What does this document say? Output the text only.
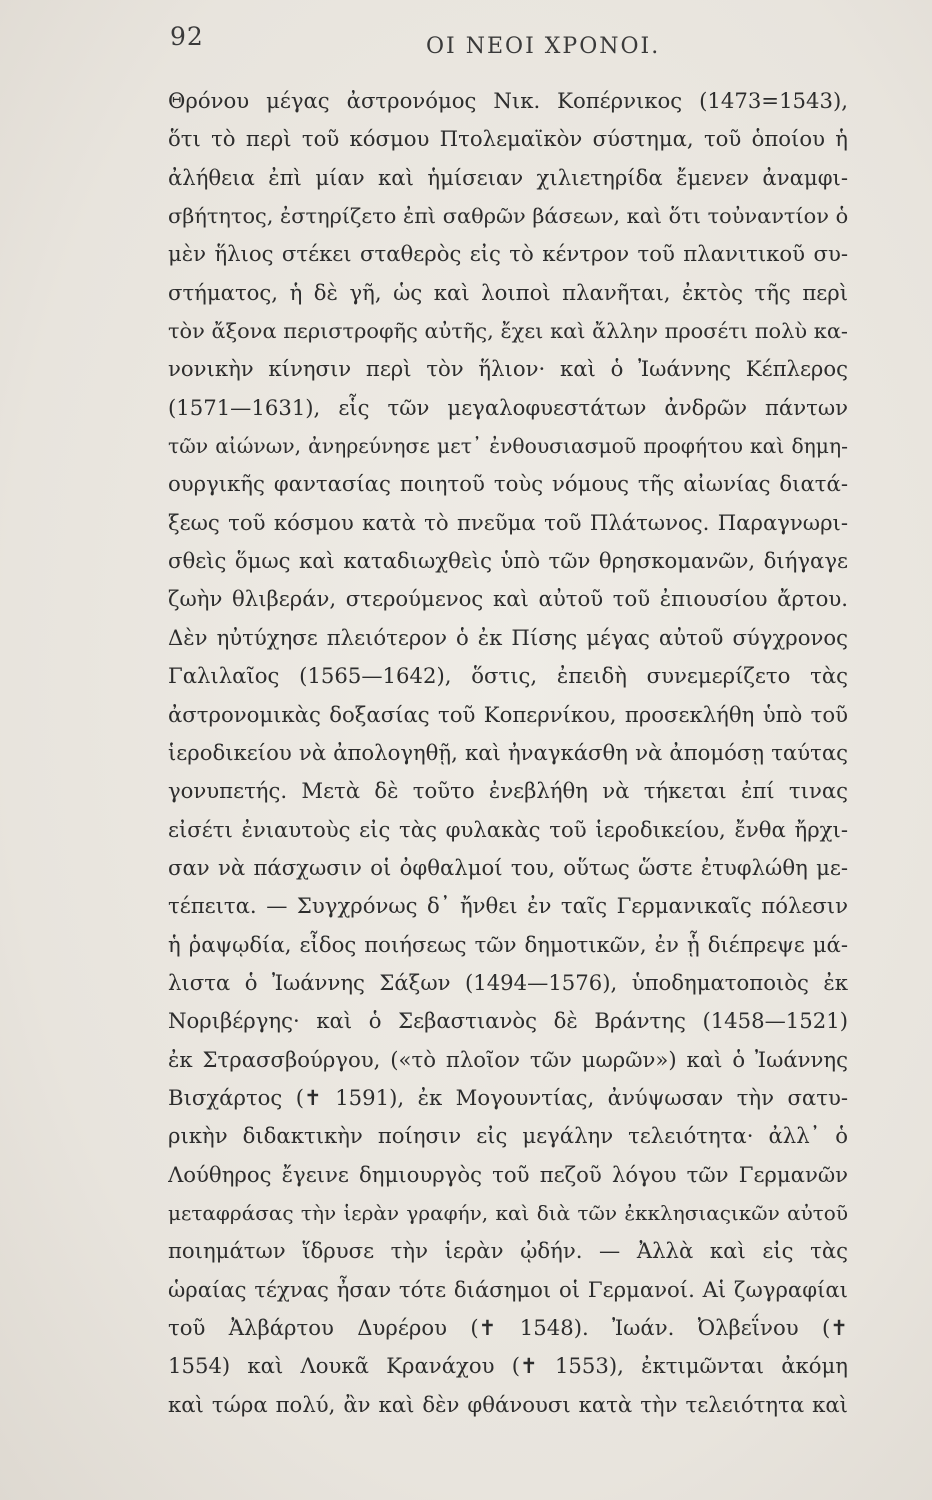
92	ΟΙ ΝΕΟΙ ΧΡΟΝΟΙ.
Θρόνου μέγας ἀστρονόμος Νικ. Κοπέρνικος (1473=1543),
ὅτι τὸ περὶ τοῦ κόσμου Πτολεμαϊκὸν σύστημα, τοῦ ὁποίου ἡ
ἀλήθεια ἐπὶ μίαν καὶ ἡμίσειαν χιλιετηρίδα ἔμενεν ἀναμφι-
σβήτητος, ἐστηρίζετο ἐπὶ σαθρῶν βάσεων, καὶ ὅτι τοὐναντίον ὁ
μὲν ἥλιος στέκει σταθερὸς εἰς τὸ κέντρον τοῦ πλανιτικοῦ συ-
στήματος, ἡ δὲ γῆ, ὡς καὶ λοιποὶ πλανῆται, ἐκτὸς τῆς περὶ
τὸν ἄξονα περιστροφῆς αὐτῆς, ἔχει καὶ ἄλλην προσέτι πολὺ κα-
νονικὴν κίνησιν περὶ τὸν ἥλιον· καὶ ὁ Ἰωάννης Κέπλερος
(1571—1631), εἷς τῶν μεγαλοφυεστάτων ἀνδρῶν πάντων
τῶν αἰώνων, ἀνηρεύνησε μετ᾽ ἐνθουσιασμοῦ προφήτου καὶ δημη-
ουργικῆς φαντασίας ποιητοῦ τοὺς νόμους τῆς αἰωνίας διατά-
ξεως τοῦ κόσμου κατὰ τὸ πνεῦμα τοῦ Πλάτωνος. Παραγνωρι-
σθεὶς ὅμως καὶ καταδιωχθεὶς ὑπὸ τῶν θρησκομανῶν, διήγαγε
ζωὴν θλιβεράν, στερούμενος καὶ αὐτοῦ τοῦ ἐπιουσίου ἄρτου.
Δὲν ηὐτύχησε πλειότερον ὁ ἐκ Πίσης μέγας αὐτοῦ σύγχρονος
Γαλιλαῖος (1565—1642), ὅστις, ἐπειδὴ συνεμερίζετο τὰς
ἀστρονομικὰς δοξασίας τοῦ Κοπερνίκου, προσεκλήθη ὑπὸ τοῦ
ἱεροδικείου νὰ ἀπολογηθῇ, καὶ ἠναγκάσθη νὰ ἀπομόσῃ ταύτας
γονυπετής. Μετὰ δὲ τοῦτο ἐνεβλήθη νὰ τήκεται ἐπί τινας
εἰσέτι ἐνιαυτοὺς εἰς τὰς φυλακὰς τοῦ ἱεροδικείου, ἔνθα ἤρχι-
σαν νὰ πάσχωσιν οἱ ὀφθαλμοί του, οὕτως ὥστε ἐτυφλώθη με-
τέπειτα. — Συγχρόνως δ᾽ ἤνθει ἐν ταῖς Γερμανικαῖς πόλεσιν
ἡ ῥαψῳδία, εἶδος ποιήσεως τῶν δημοτικῶν, ἐν ᾗ διέπρεψε μά-
λιστα ὁ Ἰωάννης Σάξων (1494—1576), ὑποδηματοποιὸς ἐκ
Νοριβέργης· καὶ ὁ Σεβαστιανὸς δὲ Βράντης (1458—1521)
ἐκ Στρασσβούργου, («τὸ πλοῖον τῶν μωρῶν») καὶ ὁ Ἰωάννης
Βισχάρτος (✝ 1591), ἐκ Μογουντίας, ἀνύψωσαν τὴν σατυ-
ρικὴν διδακτικὴν ποίησιν εἰς μεγάλην τελειότητα· ἀλλ᾽ ὁ
Λούθηρος ἔγεινε δημιουργὸς τοῦ πεζοῦ λόγου τῶν Γερμανῶν
μεταφράσας τὴν ἱερὰν γραφήν, καὶ διὰ τῶν ἐκκλησιαςικῶν αὐτοῦ
ποιημάτων ἵδρυσε τὴν ἱερὰν ᾠδήν. — Ἀλλὰ καὶ εἰς τὰς
ὡραίας τέχνας ἦσαν τότε διάσημοι οἱ Γερμανοί. Αἱ ζωγραφίαι
τοῦ Ἀλβάρτου Δυρέρου (✝ 1548). Ἰωάν. Ὀλβεΐνου (✝
1554) καὶ Λουκᾶ Κρανάχου (✝ 1553), ἐκτιμῶνται ἀκόμη
καὶ τώρα πολύ, ἂν καὶ δὲν φθάνουσι κατὰ τὴν τελειότητα καὶ
